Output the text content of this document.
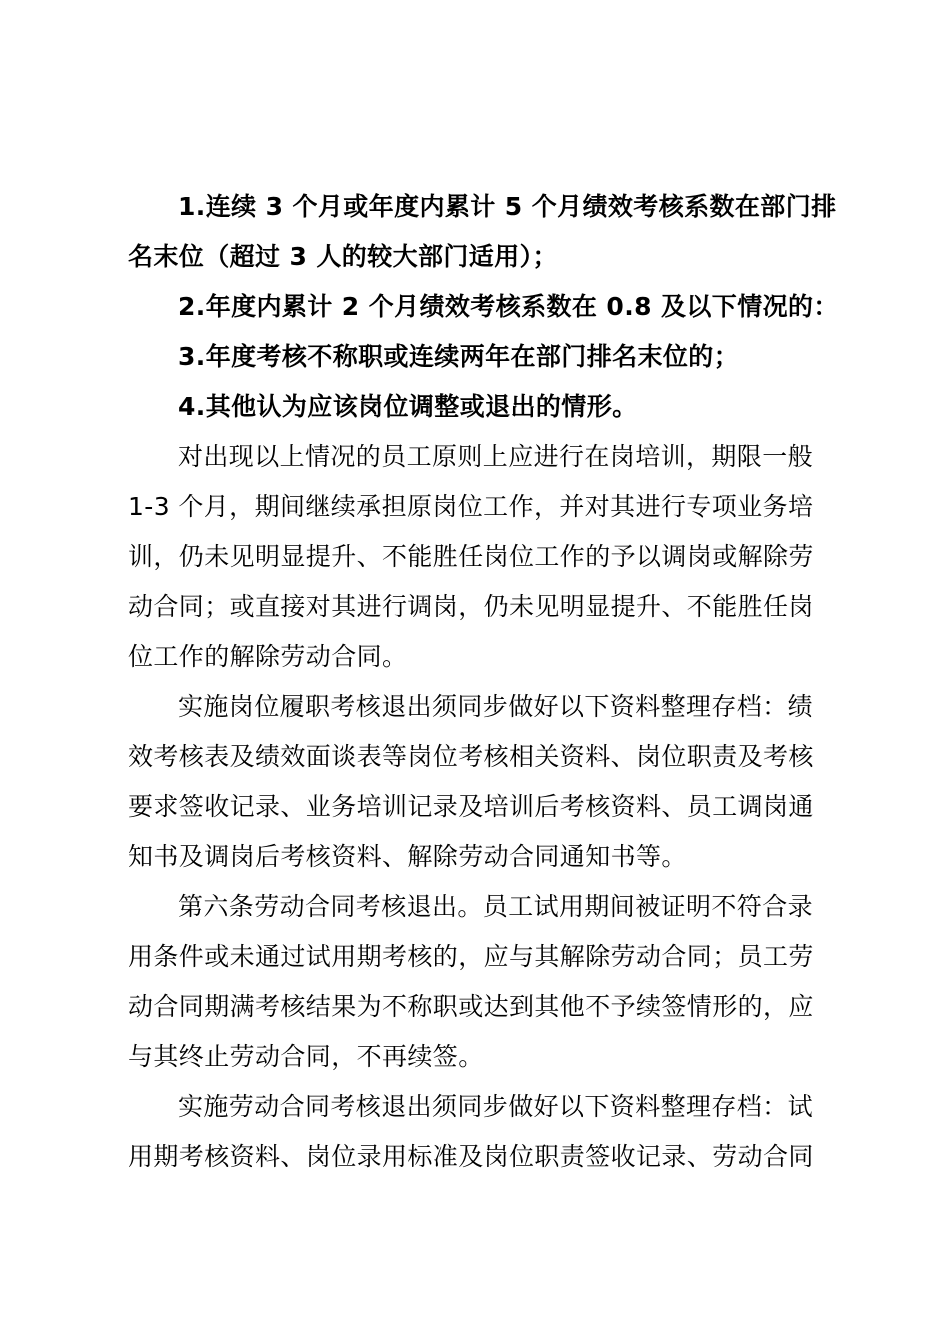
1.连续 3 个月或年度内累计 5 个月绩效考核系数在部门排
名末位（超过 3 人的较大部门适用）；
2.年度内累计 2 个月绩效考核系数在 0.8 及以下情况的：
3.年度考核不称职或连续两年在部门排名末位的；
4.其他认为应该岗位调整或退出的情形。
对出现以上情况的员工原则上应进行在岗培训，期限一般
1-3 个月，期间继续承担原岗位工作，并对其进行专项业务培
训，仍未见明显提升、不能胜任岗位工作的予以调岗或解除劳
动合同；或直接对其进行调岗，仍未见明显提升、不能胜任岗
位工作的解除劳动合同。
实施岗位履职考核退出须同步做好以下资料整理存档：绩
效考核表及绩效面谈表等岗位考核相关资料、岗位职责及考核
要求签收记录、业务培训记录及培训后考核资料、员工调岗通
知书及调岗后考核资料、解除劳动合同通知书等。
第六条劳动合同考核退出。员工试用期间被证明不符合录
用条件或未通过试用期考核的，应与其解除劳动合同；员工劳
动合同期满考核结果为不称职或达到其他不予续签情形的，应
与其终止劳动合同，不再续签。
实施劳动合同考核退出须同步做好以下资料整理存档：试
用期考核资料、岗位录用标准及岗位职责签收记录、劳动合同
